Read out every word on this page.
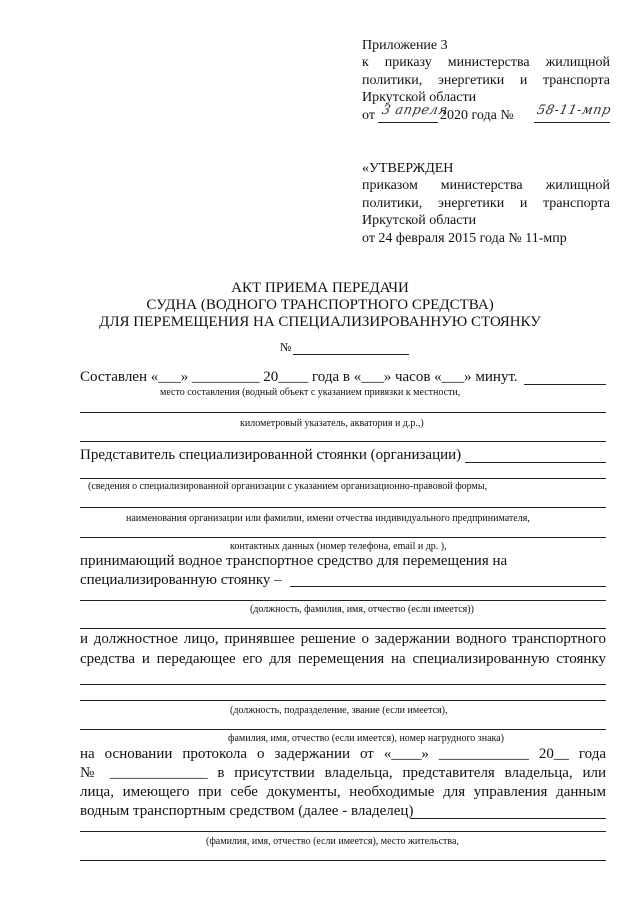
Приложение 3
к приказу министерства жилищной
политики, энергетики и транспорта
Иркутской области
от 3 апреля
2020 года № 58-11-мпр
«УТВЕРЖДЕН
приказом министерства жилищной
политики, энергетики и транспорта
Иркутской области
от 24 февраля 2015 года № 11-мпр
АКТ ПРИЕМА ПЕРЕДАЧИ
СУДНА (ВОДНОГО ТРАНСПОРТНОГО СРЕДСТВА)
ДЛЯ ПЕРЕМЕЩЕНИЯ НА СПЕЦИАЛИЗИРОВАННУЮ СТОЯНКУ
№
Составлен «___» _________ 20____ года в «___» часов «___» минут.
место составления (водный объект с указанием привязки к местности,
километровый указатель, акватория и д.р.,)
Представитель специализированной стоянки (организации)
(сведения о специализированной организации с указанием организационно-правовой формы,
наименования организации или фамилии, имени отчества индивидуального предпринимателя,
контактных данных (номер телефона, email и др. ),
принимающий водное транспортное средство для перемещения на
специализированную стоянку –
(должность, фамилия, имя, отчество (если имеется))
и должностное лицо, принявшее решение о задержании водного транспортного
средства и передающее его для перемещения на специализированную стоянку
(должность, подразделение, звание (если имеется),
фамилия, имя, отчество (если имеется), номер нагрудного знака)
на основании протокола о задержании от «____» ____________ 20__ года
№ _____________ в присутствии владельца, представителя владельца, или
лица, имеющего при себе документы, необходимые для управления данным
водным транспортным средством (далее - владелец)
(фамилия, имя, отчество (если имеется), место жительства,
